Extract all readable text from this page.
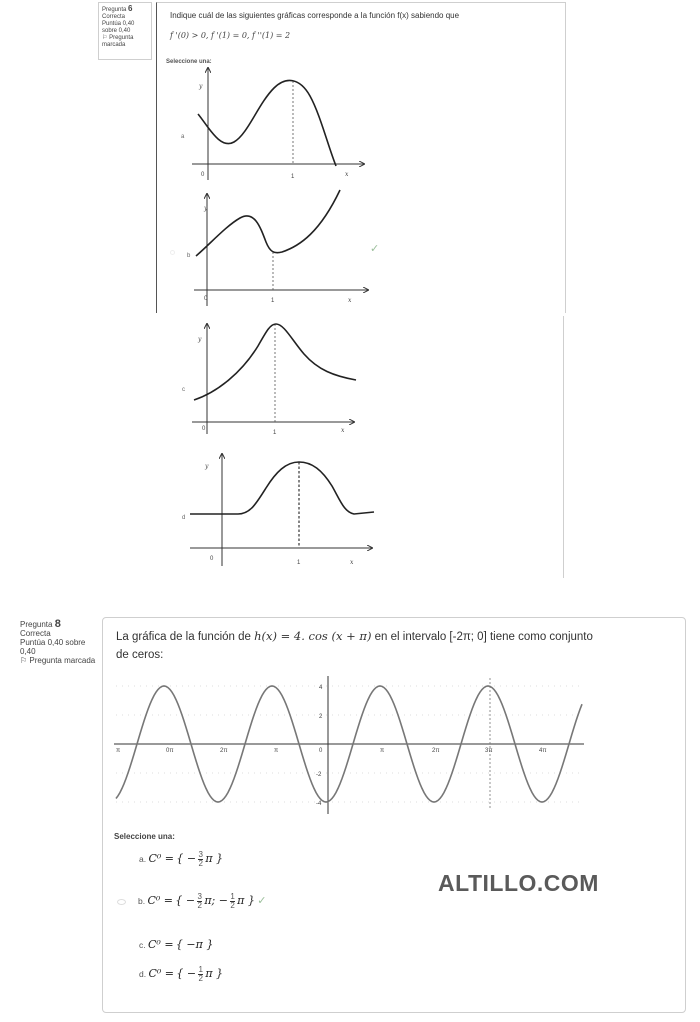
Pregunta 6
Correcta
Puntúa 0,40 sobre 0,40
⚐ Pregunta marcada
Indique cuál de las siguientes gráficas corresponde a la función f(x) sabiendo que
f '(0) > 0, f '(1) = 0, f ''(1) = 2
Seleccione una:
a
y
x
0	1
b
y
x
0	1
✓
c
y
x
0
1
d
y
x
0
1
Pregunta 8
Correcta
Puntúa 0,40 sobre 0,40
⚐ Pregunta marcada
La gráfica de la función de h(x) = 4. cos (x + π) en el intervalo [-2π; 0] tiene como conjunto
de ceros:
π	0π	2π	π	0	π	2π	3π	4π
4
2
-2
-4
Seleccione una:
a. C⁰ = { − $\frac{3}{2}$ π }
b. C⁰ = { − $\frac{3}{2} \pi$; − $\frac{1}{2}$ π } ✓
c. C⁰ = { −π }
d. C⁰ = { − $\frac{1}{2}$ π }
ALTILLO.COM
